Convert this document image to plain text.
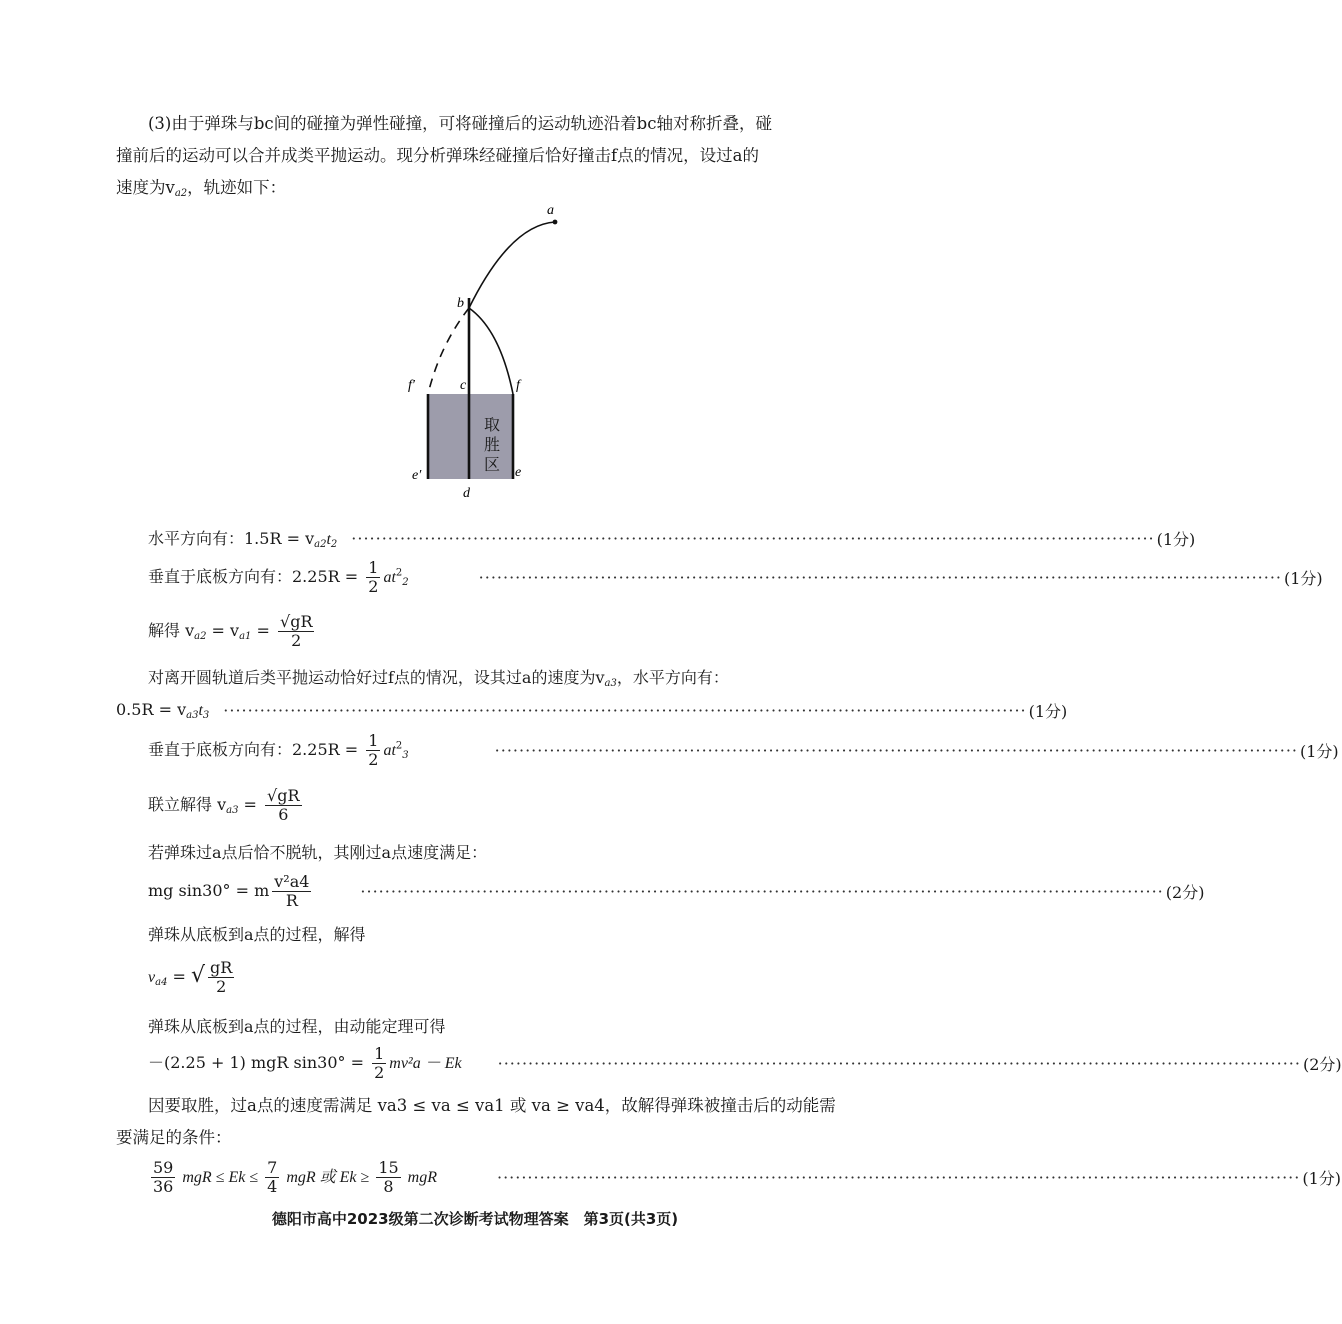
(3)由于弹珠与bc间的碰撞为弹性碰撞，可将碰撞后的运动轨迹沿着bc轴对称折叠，碰
撞前后的运动可以合并成类平抛运动。现分析弹珠经碰撞后恰好撞击f点的情况，设过a的
速度为$v_{a2}$，轨迹如下：
a
b
c	f
f′
e′	e
d
取胜区
水平方向有：$1.5R = v_{a2}t_2$ ···································································································································· (1分)
垂直于底板方向有：$2.25R = \frac{1}{2} at^2_2$	···································································································································· (1分)
解得 $v_{a2} = v_{a1} = \frac{√gR}{2}$
对离开圆轨道后类平抛运动恰好过f点的情况，设其过a的速度为$v_{a3}$，水平方向有：
$0.5R = v_{a3}t_3$ ···································································································································· (1分)
垂直于底板方向有：$2.25R = \frac{1}{2} at^2_3$	···································································································································· (1分)
联立解得 $v_{a3} = \frac{√gR}{6}$
若弹珠过a点后恰不脱轨，其刚过a点速度满足：
mg sin30° = m $\frac{\text{v²a4}}{R}$	···································································································································· (2分)
弹珠从底板到a点的过程，解得
$v_{a4}$ = √ $\frac{gR}{2}$
弹珠从底板到a点的过程，由动能定理可得
－(2.25 + 1) mgR $\sin 30^\circ = \frac{1}{2} mv^2a - Ek$ ···································································································································· (2分)
因要取胜，过a点的速度需满足 va3 ≤ va ≤ va1 或 va ≥ va4，故解得弹珠被撞击后的动能需
要满足的条件：
$\frac{59}{36}$ mgR ≤ $Ek \le \frac{7}{4}$ mgR 或 $Ek \ge \frac{15}{8}$ mgR	···································································································································· (1分)
德阳市高中2023级第二次诊断考试物理答案　第3页(共3页)
